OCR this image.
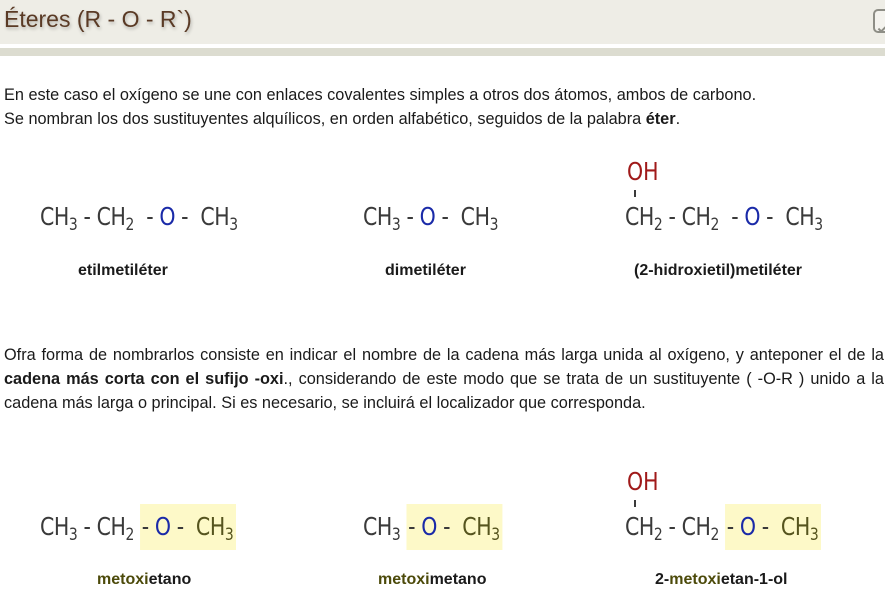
Éteres (R - O - R`)
En este caso el oxígeno se une con enlaces covalentes simples a otros dos átomos, ambos de carbono.
Se nombran los dos sustituyentes alquílicos, en orden alfabético, seguidos de la palabra éter.
$CH_3 - CH_2$ - O - $CH_3$
etilmetiléter
$CH_3$ - O - $CH_3$
dimetiléter
OH
$CH_2 - CH_2$ - O - $CH_3$
(2-hidroxietil)metiléter
Ofra forma de nombrarlos consiste en indicar el nombre de la cadena más larga unida al oxígeno, y anteponer el de la cadena más corta con el sufijo -oxi., considerando de este modo que se trata de un sustituyente ( -O-R ) unido a la cadena más larga o principal. Si es necesario, se incluirá el localizador que corresponda.
$CH_3 - CH_2$ - O - $CH_3$
metoxietano
$CH_3$ - O - $CH_3$
metoximetano
OH
$CH_2 - CH_2$ - O - $CH_3$
2-metoxietan-1-ol
